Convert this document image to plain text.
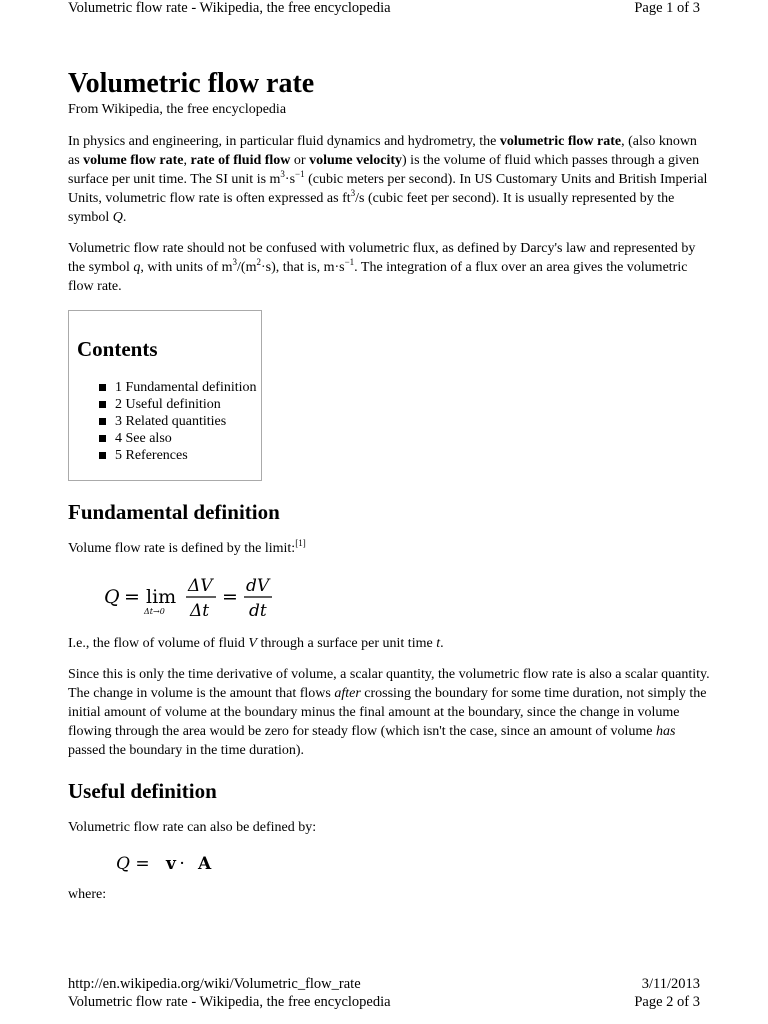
Volumetric flow rate - Wikipedia, the free encyclopedia	Page 1 of 3
Volumetric flow rate
From Wikipedia, the free encyclopedia

In physics and engineering, in particular fluid dynamics and hydrometry, the volumetric flow rate, (also known as volume flow rate, rate of fluid flow or volume velocity) is the volume of fluid which passes through a given surface per unit time. The SI unit is $m^3\cdot s^{-1}$ (cubic meters per second). In US Customary Units and British Imperial Units, volumetric flow rate is often expressed as $ft^3/s$ (cubic feet per second). It is usually represented by the symbol Q.

Volumetric flow rate should not be confused with volumetric flux, as defined by Darcy's law and represented by the symbol q, with units of $m^3/(m^2\cdot s)$, that is, $m\cdot s^{-1}$. The integration of a flux over an area gives the volumetric flow rate.

Contents
1 Fundamental definition
2 Useful definition
3 Related quantities
4 See also
5 References
Fundamental definition

Volume flow rate is defined by the limit:[1]

Q = lim
Δt→0
ΔV
Δt
= dV
dt

I.e., the flow of volume of fluid V through a surface per unit time t.

Since this is only the time derivative of volume, a scalar quantity, the volumetric flow rate is also a scalar quantity. The change in volume is the amount that flows after crossing the boundary for some time duration, not simply the initial amount of volume at the boundary minus the final amount at the boundary, since the change in volume flowing through the area would be zero for steady flow (which isn't the case, since an amount of volume has passed the boundary in the time duration).

Useful definition

Volumetric flow rate can also be defined by:

Q = v
· A

where:

http://en.wikipedia.org/wiki/Volumetric_flow_rate	3/11/2013
Volumetric flow rate - Wikipedia, the free encyclopedia	Page 2 of 3
